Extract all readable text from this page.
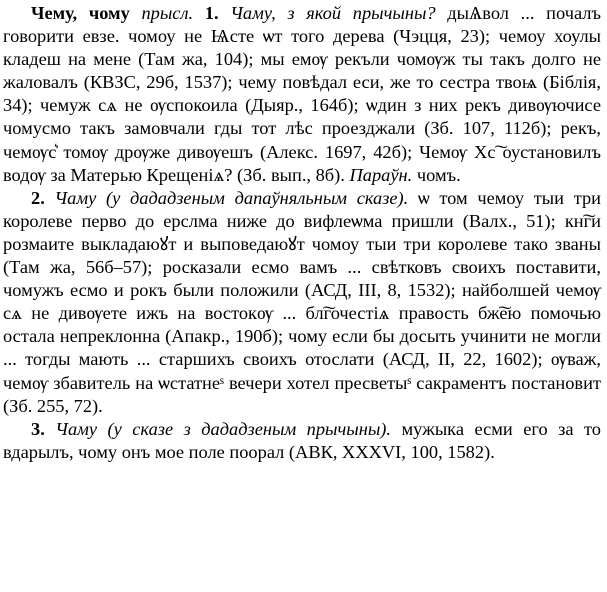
Чему, чому прысл. 1. Чаму, з якой прычыны? дыѦвол ... почалъ говорити евзе. чомоу не Ѩсте ѡт того дерева (Чэцця, 23); чемоу хоулы кладеш на мене (Там жа, 104); мы емѹ рекъли чомѹж ты такъ долго не жаловалъ (КВЗС, 29б, 1537); чему повѣдал еси, же то сестра твоѩ (Біблія, 34); чемуж сѧ не ѹспокоила (Дыяр., 164б); ѡдин з них рекъ дивѹючисе чомусмо такъ замовчали гды тот лѣс проезджали (Зб. 107, 112б); рекъ, чемѹс͛ томѹ дрѹже дивѹешъ (Алекс. 1697, 42б); Чемѹ Хс͠ оустановилъ водѹ за Матерью Крещеніѧ? (Зб. вып., 8б). Параўн. чомъ.

2. Чаму (у дададзеным дапаўняльным сказе). ѡ том чемоу тыи три королеве перво до ерслма ниже до вифлеѡма пришли (Валх., 51); кн͠ги розмаите выкладаюꙋт и выповедаюꙋт чомоу тыи три королеве тако званы (Там жа, 56б–57); росказали есмо вамъ ... свѣтковъ своихъ поставити, чомужъ есмо и рокъ были положили (АСД, III, 8, 1532); найболшей чемѹ сѧ не дивѹете ижъ на востокѹ ... бл͠гочестіѧ правость бж͠ею помочью остала непреклонна (Апакр., 190б); чому если бы досыть учинити не могли ... тогды мають ... старшихъ своихъ отослати (АСД, II, 22, 1602); ѹваж, чемѹ збавитель на ѡстатнеˢ вечери хотел пресветыˢ сакраментъ постановит (Зб. 255, 72).

3. Чаму (у сказе з дададзеным прычыны). мужыка есми его за то вдарылъ, чому онъ мое поле поорал (АВК, XXXVI, 100, 1582).
